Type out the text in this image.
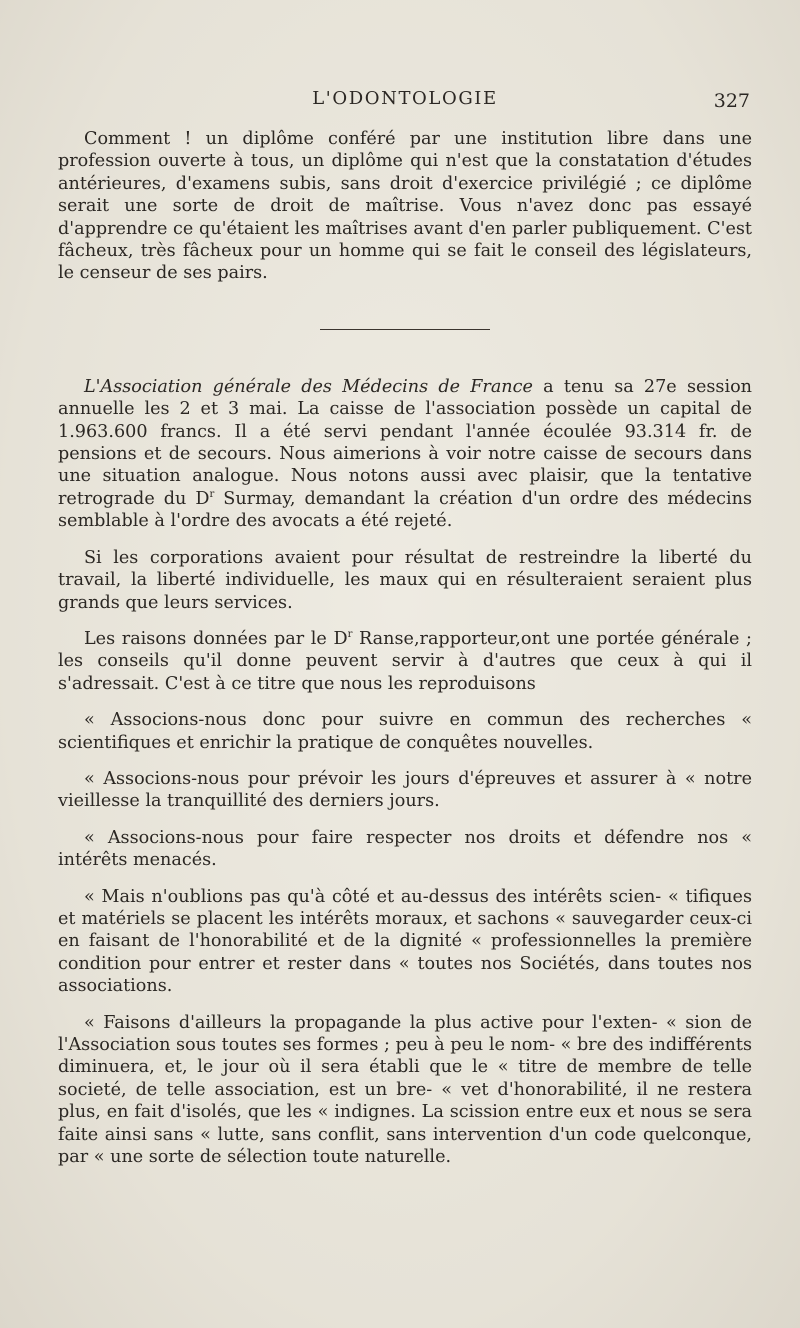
L'ODONTOLOGIE	327

Comment ! un diplôme conféré par une institution libre dans une profession ouverte à tous, un diplôme qui n'est que la constatation d'études antérieures, d'examens subis, sans droit d'exercice privilégié ; ce diplôme serait une sorte de droit de maîtrise. Vous n'avez donc pas essayé d'apprendre ce qu'étaient les maîtrises avant d'en parler publiquement. C'est fâcheux, très fâcheux pour un homme qui se fait le conseil des législateurs, le censeur de ses pairs.

L'Association générale des Médecins de France a tenu sa 27e session annuelle les 2 et 3 mai. La caisse de l'association possède un capital de 1.963.600 francs. Il a été servi pendant l'année écoulée 93.314 fr. de pensions et de secours. Nous aimerions à voir notre caisse de secours dans une situation analogue. Nous notons aussi avec plaisir, que la tentative retrograde du $D^r$ Surmay, demandant la création d'un ordre des médecins semblable à l'ordre des avocats a été rejeté.

Si les corporations avaient pour résultat de restreindre la liberté du travail, la liberté individuelle, les maux qui en résulteraient seraient plus grands que leurs services.

Les raisons données par le $D^r$ Ranse,rapporteur,ont une portée générale ; les conseils qu'il donne peuvent servir à d'autres que ceux à qui il s'adressait. C'est à ce titre que nous les reproduisons

« Associons-nous donc pour suivre en commun des recherches « scientifiques et enrichir la pratique de conquêtes nouvelles.

« Associons-nous pour prévoir les jours d'épreuves et assurer à « notre vieillesse la tranquillité des derniers jours.

« Associons-nous pour faire respecter nos droits et défendre nos « intérêts menacés.

« Mais n'oublions pas qu'à côté et au-dessus des intérêts scien- « tifiques et matériels se placent les intérêts moraux, et sachons « sauvegarder ceux-ci en faisant de l'honorabilité et de la dignité « professionnelles la première condition pour entrer et rester dans « toutes nos Sociétés, dans toutes nos associations.

« Faisons d'ailleurs la propagande la plus active pour l'exten- « sion de l'Association sous toutes ses formes ; peu à peu le nom- « bre des indifférents diminuera, et, le jour où il sera établi que le « titre de membre de telle societé, de telle association, est un bre- « vet d'honorabilité, il ne restera plus, en fait d'isolés, que les « indignes. La scission entre eux et nous se sera faite ainsi sans « lutte, sans conflit, sans intervention d'un code quelconque, par « une sorte de sélection toute naturelle.
